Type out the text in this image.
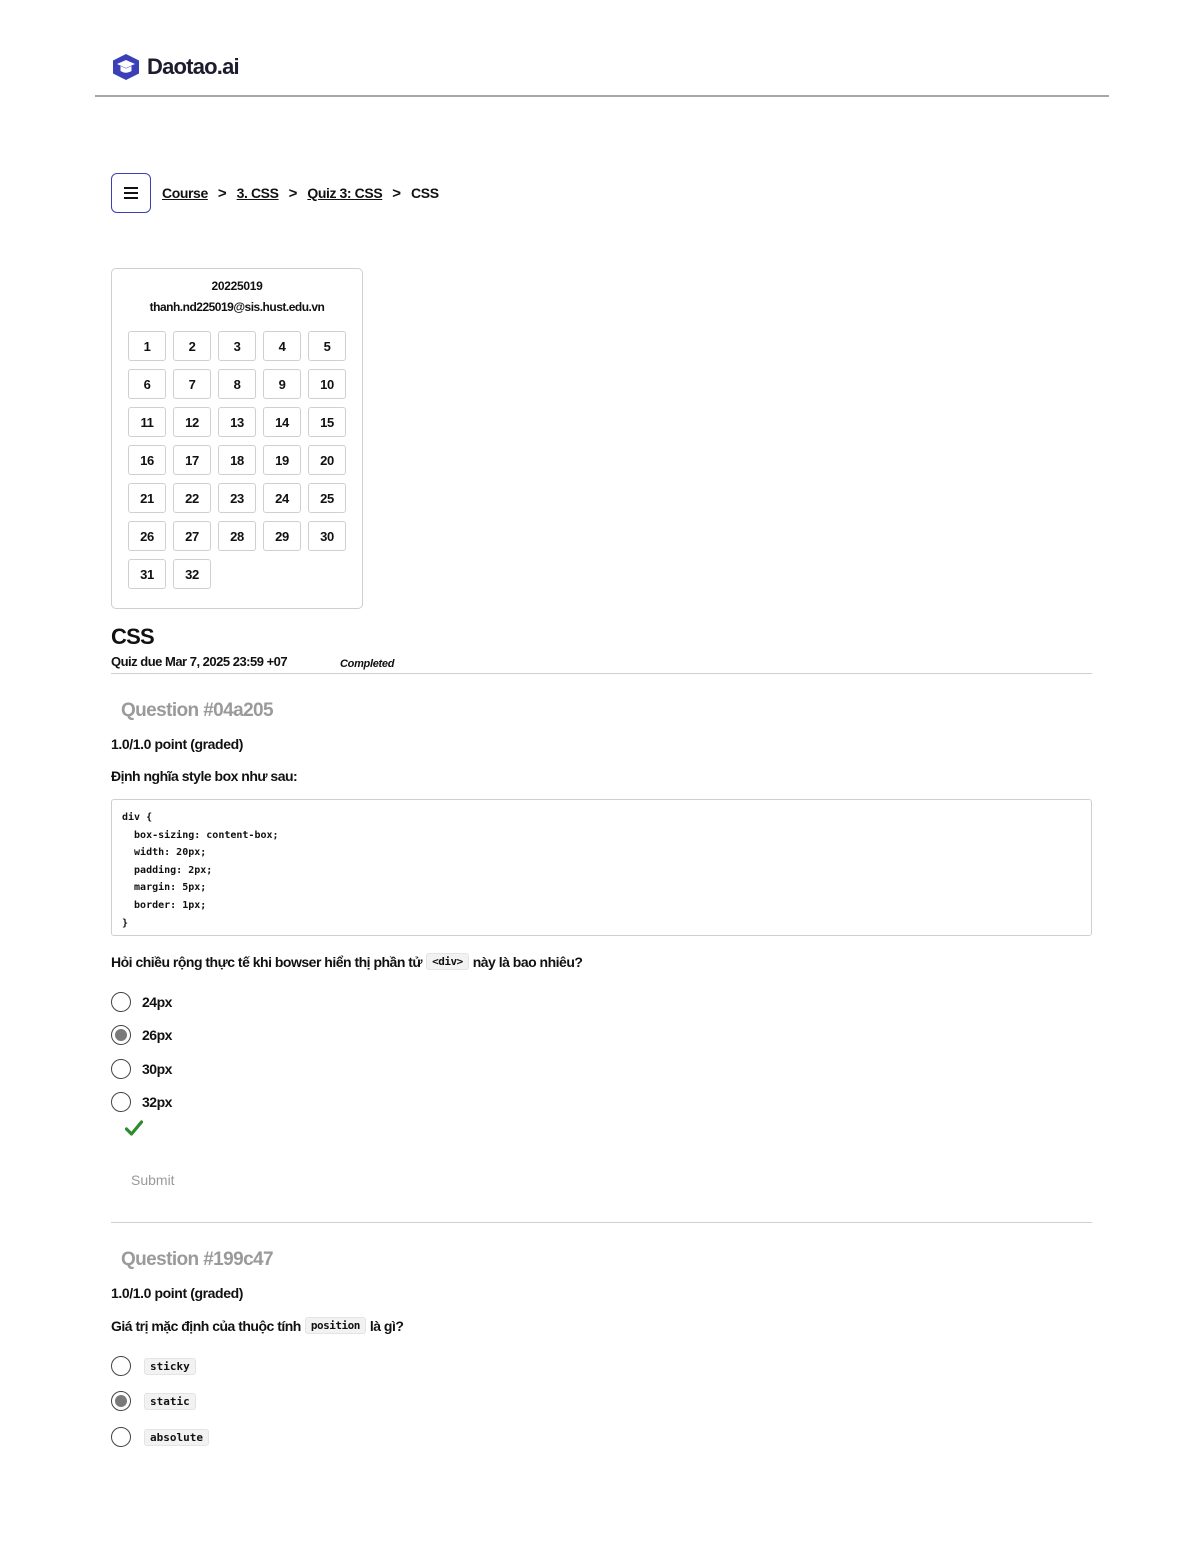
Daotao.ai
Course > 3. CSS > Quiz 3: CSS > CSS
20225019
thanh.nd225019@sis.hust.edu.vn
1	2	3	4	5
6	7	8	9	10
11	12	13	14	15
16	17	18	19	20
21	22	23	24	25
26	27	28	29	30
31	32
CSS
Quiz due Mar 7, 2025 23:59 +07	Completed
Question #04a205
1.0/1.0 point (graded)
Định nghĩa style box như sau:
div {
box-sizing: content-box;
width: 20px;
padding: 2px;
margin: 5px;
border: 1px;
}
Hỏi chiều rộng thực tế khi bowser hiển thị phần tử <div> này là bao nhiêu?
24px
26px
30px
32px
Submit
Question #199c47
1.0/1.0 point (graded)
Giá trị mặc định của thuộc tính position là gì?
sticky
static
absolute
